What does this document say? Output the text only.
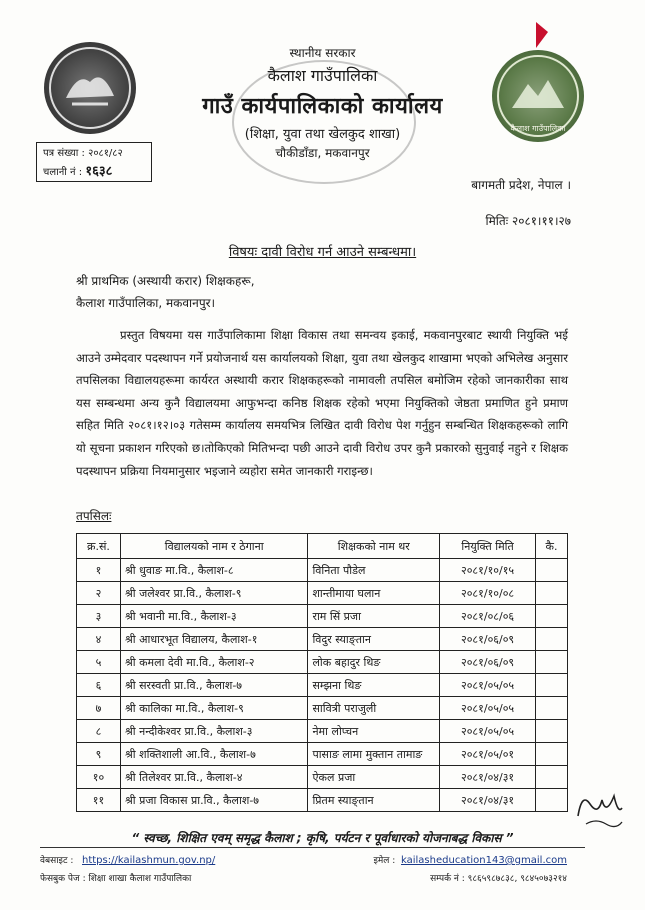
कैलाश गाउँपालिका
स्थानीय सरकार
कैलाश गाउँपालिका
गाउँ कार्यपालिकाको कार्यालय
(शिक्षा, युवा तथा खेलकुद शाखा)
चौकीडाँडा, मकवानपुर
पत्र संख्या : २०८१/८२
चलानी नं : १६३८
बागमती प्रदेश, नेपाल ।
मितिः २०८१।११।२७
विषयः दावी विरोध गर्न आउने सम्बन्धमा।
श्री प्राथमिक (अस्थायी करार) शिक्षकहरू,
कैलाश गाउँपालिका, मकवानपुर।
प्रस्तुत विषयमा यस गाउँपालिकामा शिक्षा विकास तथा समन्वय इकाई, मकवानपुरबाट स्थायी नियुक्ति भई आउने उम्मेदवार पदस्थापन गर्ने प्रयोजनार्थ यस कार्यालयको शिक्षा, युवा तथा खेलकुद शाखामा भएको अभिलेख अनुसार तपसिलका विद्यालयहरूमा कार्यरत अस्थायी करार शिक्षकहरूको नामावली तपसिल बमोजिम रहेको जानकारीका साथ यस सम्बन्धमा अन्य कुनै विद्यालयमा आफुभन्दा कनिष्ठ शिक्षक रहेको भएमा नियुक्तिको जेष्ठता प्रमाणित हुने प्रमाण सहित मिति २०८१।१२।०३ गतेसम्म कार्यालय समयभित्र लिखित दावी विरोध पेश गर्नुहुन सम्बन्धित शिक्षकहरूको लागि यो सूचना प्रकाशन गरिएको छ।तोकिएको मितिभन्दा पछी आउने दावी विरोध उपर कुनै प्रकारको सुनुवाई नहुने र शिक्षक पदस्थापन प्रक्रिया नियमानुसार भइजाने व्यहोरा समेत जानकारी गराइन्छ।
तपसिलः
क्र.सं.	विद्यालयको नाम र ठेगाना	शिक्षकको नाम थर	नियुक्ति मिति	कै.
१	श्री धुवाङ मा.वि., कैलाश-८	विनिता पौडेल	२०८१/१०/१५	
२	श्री जलेश्वर प्रा.वि., कैलाश-९	शान्तीमाया घलान	२०८१/१०/०८	
३	श्री भवानी मा.वि., कैलाश-३	राम सिं प्रजा	२०८१/०८/०६	
४	श्री आधारभूत विद्यालय, कैलाश-१	विदुर स्याङ्तान	२०८१/०६/०९	
५	श्री कमला देवी मा.वि., कैलाश-२	लोक बहादुर थिङ	२०८१/०६/०९	
६	श्री सरस्वती प्रा.वि., कैलाश-७	सम्झना थिङ	२०८१/०५/०५	
७	श्री कालिका मा.वि., कैलाश-९	सावित्री पराजुली	२०८१/०५/०५	
८	श्री नन्दीकेश्वर प्रा.वि., कैलाश-३	नेमा लोप्चन	२०८१/०५/०५	
९	श्री शक्तिशाली आ.वि., कैलाश-७	पासाङ लामा मुक्तान तामाङ	२०८१/०५/०१	
१०	श्री तिलेश्वर प्रा.वि., कैलाश-४	ऐकल प्रजा	२०८१/०४/३१	
११	श्री प्रजा विकास प्रा.वि., कैलाश-७	प्रितम स्याङ्तान	२०८१/०४/३१	
“ स्वच्छ, शिक्षित एवम् समृद्ध कैलाश ; कृषि, पर्यटन र पूर्वाधारको योजनाबद्ध विकास ”
वेबसाइट : https://kailashmun.gov.np/
फेसबुक पेज : शिक्षा शाखा कैलाश गाउँपालिका
इमेल : kailasheducation143@gmail.com
सम्पर्क नं : ९८६५९८७८३८, ९८४५०७३२१४
